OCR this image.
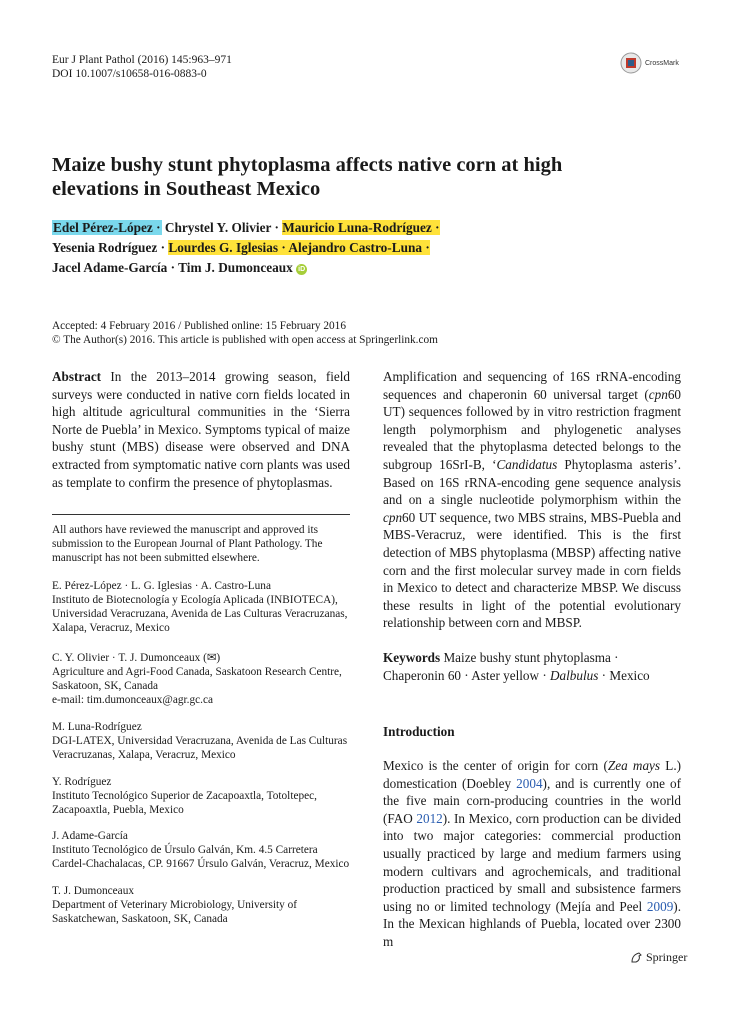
Eur J Plant Pathol (2016) 145:963–971
DOI 10.1007/s10658-016-0883-0
CrossMark
Maize bushy stunt phytoplasma affects native corn at high elevations in Southeast Mexico
Edel Pérez-López · Chrystel Y. Olivier · Mauricio Luna-Rodríguez ·
Yesenia Rodríguez · Lourdes G. Iglesias · Alejandro Castro-Luna ·
Jacel Adame-García · Tim J. Dumonceaux iD
Accepted: 4 February 2016 / Published online: 15 February 2016
© The Author(s) 2016. This article is published with open access at Springerlink.com

Abstract In the 2013–2014 growing season, field surveys were conducted in native corn fields located in high altitude agricultural communities in the ‘Sierra Norte de Puebla’ in Mexico. Symptoms typical of maize bushy stunt (MBS) disease were observed and DNA extracted from symptomatic native corn plants was used as template to confirm the presence of phytoplasmas.

All authors have reviewed the manuscript and approved its submission to the European Journal of Plant Pathology. The manuscript has not been submitted elsewhere.
E. Pérez-López · L. G. Iglesias · A. Castro-Luna
Instituto de Biotecnología y Ecología Aplicada (INBIOTECA),
Universidad Veracruzana, Avenida de Las Culturas Veracruzanas,
Xalapa, Veracruz, Mexico
C. Y. Olivier · T. J. Dumonceaux (✉)
Agriculture and Agri-Food Canada, Saskatoon Research Centre,
Saskatoon, SK, Canada
e-mail: tim.dumonceaux@agr.gc.ca
M. Luna-Rodríguez
DGI-LATEX, Universidad Veracruzana, Avenida de Las Culturas
Veracruzanas, Xalapa, Veracruz, Mexico
Y. Rodríguez
Instituto Tecnológico Superior de Zacapoaxtla, Totoltepec,
Zacapoaxtla, Puebla, Mexico
J. Adame-García
Instituto Tecnológico de Úrsulo Galván, Km. 4.5 Carretera
Cardel-Chachalacas, CP. 91667 Úrsulo Galván, Veracruz, Mexico
T. J. Dumonceaux
Department of Veterinary Microbiology, University of
Saskatchewan, Saskatoon, SK, Canada

Amplification and sequencing of 16S rRNA-encoding sequences and chaperonin 60 universal target (cpn60 UT) sequences followed by in vitro restriction fragment length polymorphism and phylogenetic analyses revealed that the phytoplasma detected belongs to the subgroup 16SrI-B, ‘Candidatus Phytoplasma asteris’. Based on 16S rRNA-encoding gene sequence analysis and on a single nucleotide polymorphism within the cpn60 UT sequence, two MBS strains, MBS-Puebla and MBS-Veracruz, were identified. This is the first detection of MBS phytoplasma (MBSP) affecting native corn and the first molecular survey made in corn fields in Mexico to detect and characterize MBSP. We discuss these results in light of the potential evolutionary relationship between corn and MBSP.

Keywords Maize bushy stunt phytoplasma · Chaperonin 60 · Aster yellow · Dalbulus · Mexico
Introduction

Mexico is the center of origin for corn (Zea mays L.) domestication (Doebley 2004), and is currently one of the five main corn-producing countries in the world (FAO 2012). In Mexico, corn production can be divided into two major categories: commercial production usually practiced by large and medium farmers using modern cultivars and agrochemicals, and traditional production practiced by small and subsistence farmers using no or limited technology (Mejía and Peel 2009). In the Mexican highlands of Puebla, located over 2300 m

Springer
